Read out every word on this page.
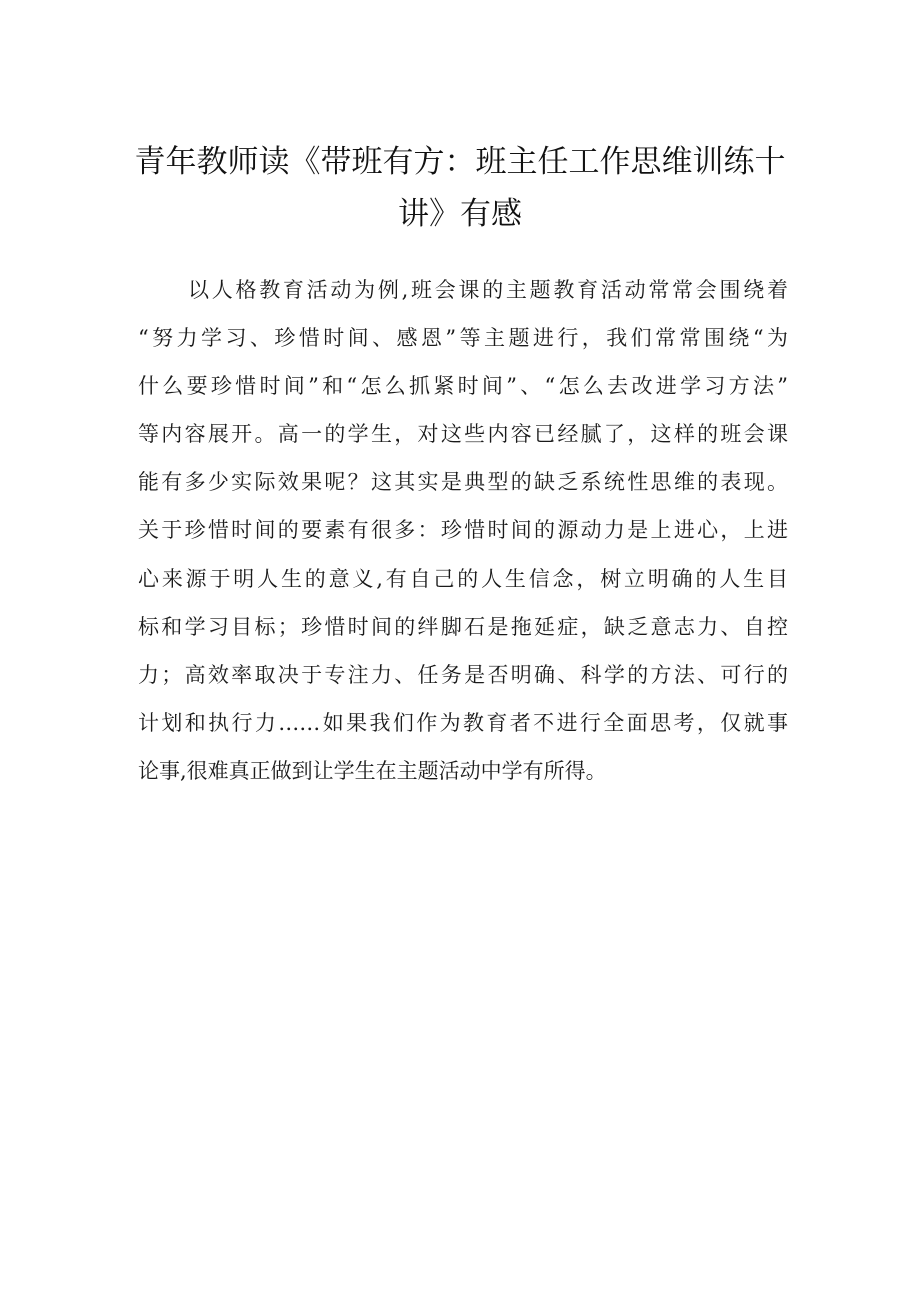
青年教师读《带班有方：班主任工作思维训练十
讲》有感
以人格教育活动为例,班会课的主题教育活动常常会围绕着
“努力学习、珍惜时间、感恩”等主题进行，我们常常围绕“为
什么要珍惜时间”和“怎么抓紧时间”、“怎么去改进学习方法”
等内容展开。高一的学生，对这些内容已经腻了，这样的班会课
能有多少实际效果呢？这其实是典型的缺乏系统性思维的表现。
关于珍惜时间的要素有很多：珍惜时间的源动力是上进心，上进
心来源于明人生的意义,有自己的人生信念，树立明确的人生目
标和学习目标；珍惜时间的绊脚石是拖延症，缺乏意志力、自控
力；高效率取决于专注力、任务是否明确、科学的方法、可行的
计划和执行力……如果我们作为教育者不进行全面思考，仅就事
论事,很难真正做到让学生在主题活动中学有所得。
